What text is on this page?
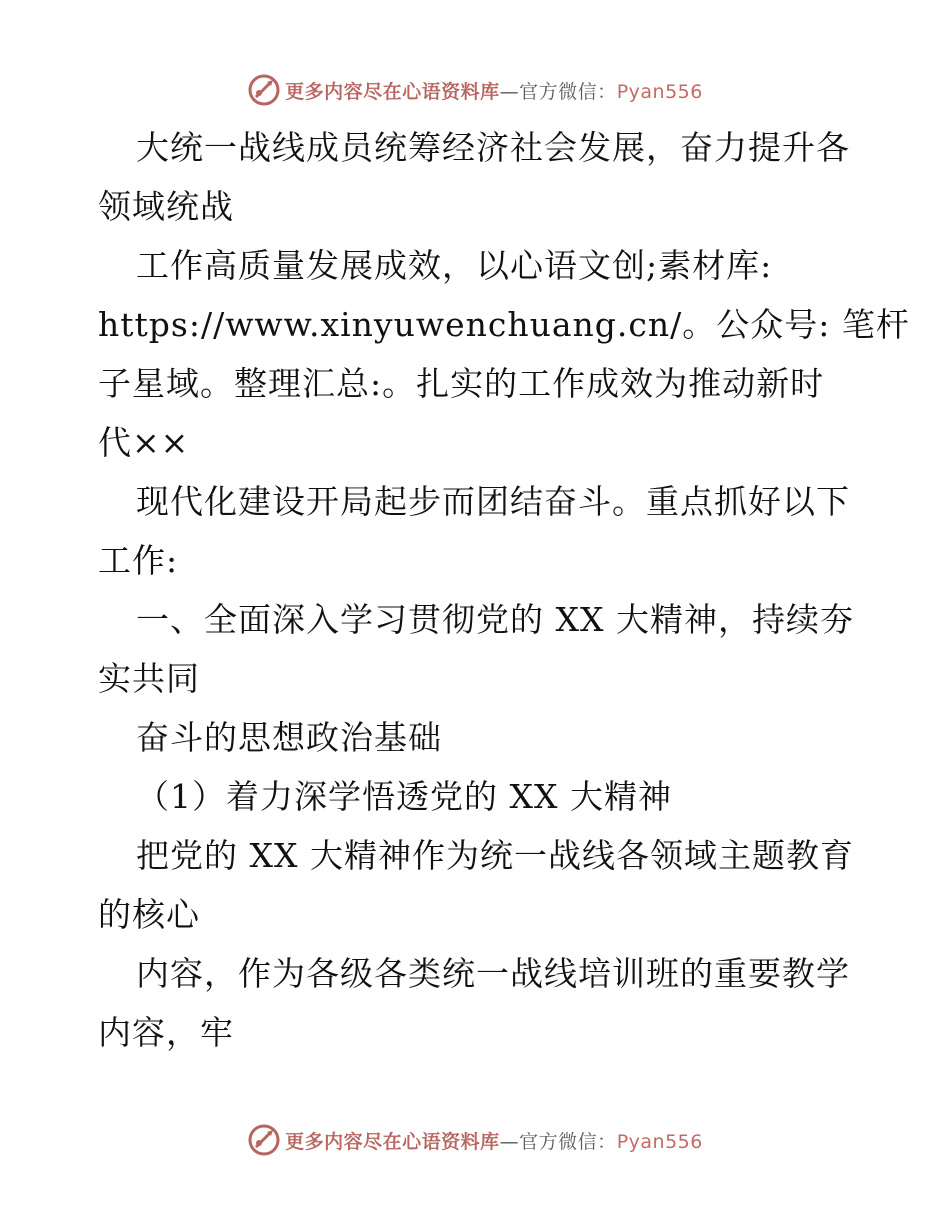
更多内容尽在心语资料库—官方微信：Pyan556
大统一战线成员统筹经济社会发展，奋力提升各
领域统战
工作高质量发展成效，以心语文创;素材库:
https://www.xinyuwenchuang.cn/。公众号: 笔杆
子星域。整理汇总:。扎实的工作成效为推动新时
代××
现代化建设开局起步而团结奋斗。重点抓好以下
工作:
一、全面深入学习贯彻党的 XX 大精神，持续夯
实共同
奋斗的思想政治基础
（1）着力深学悟透党的 XX 大精神
把党的 XX 大精神作为统一战线各领域主题教育
的核心
内容，作为各级各类统一战线培训班的重要教学
内容，牢
更多内容尽在心语资料库—官方微信：Pyan556
